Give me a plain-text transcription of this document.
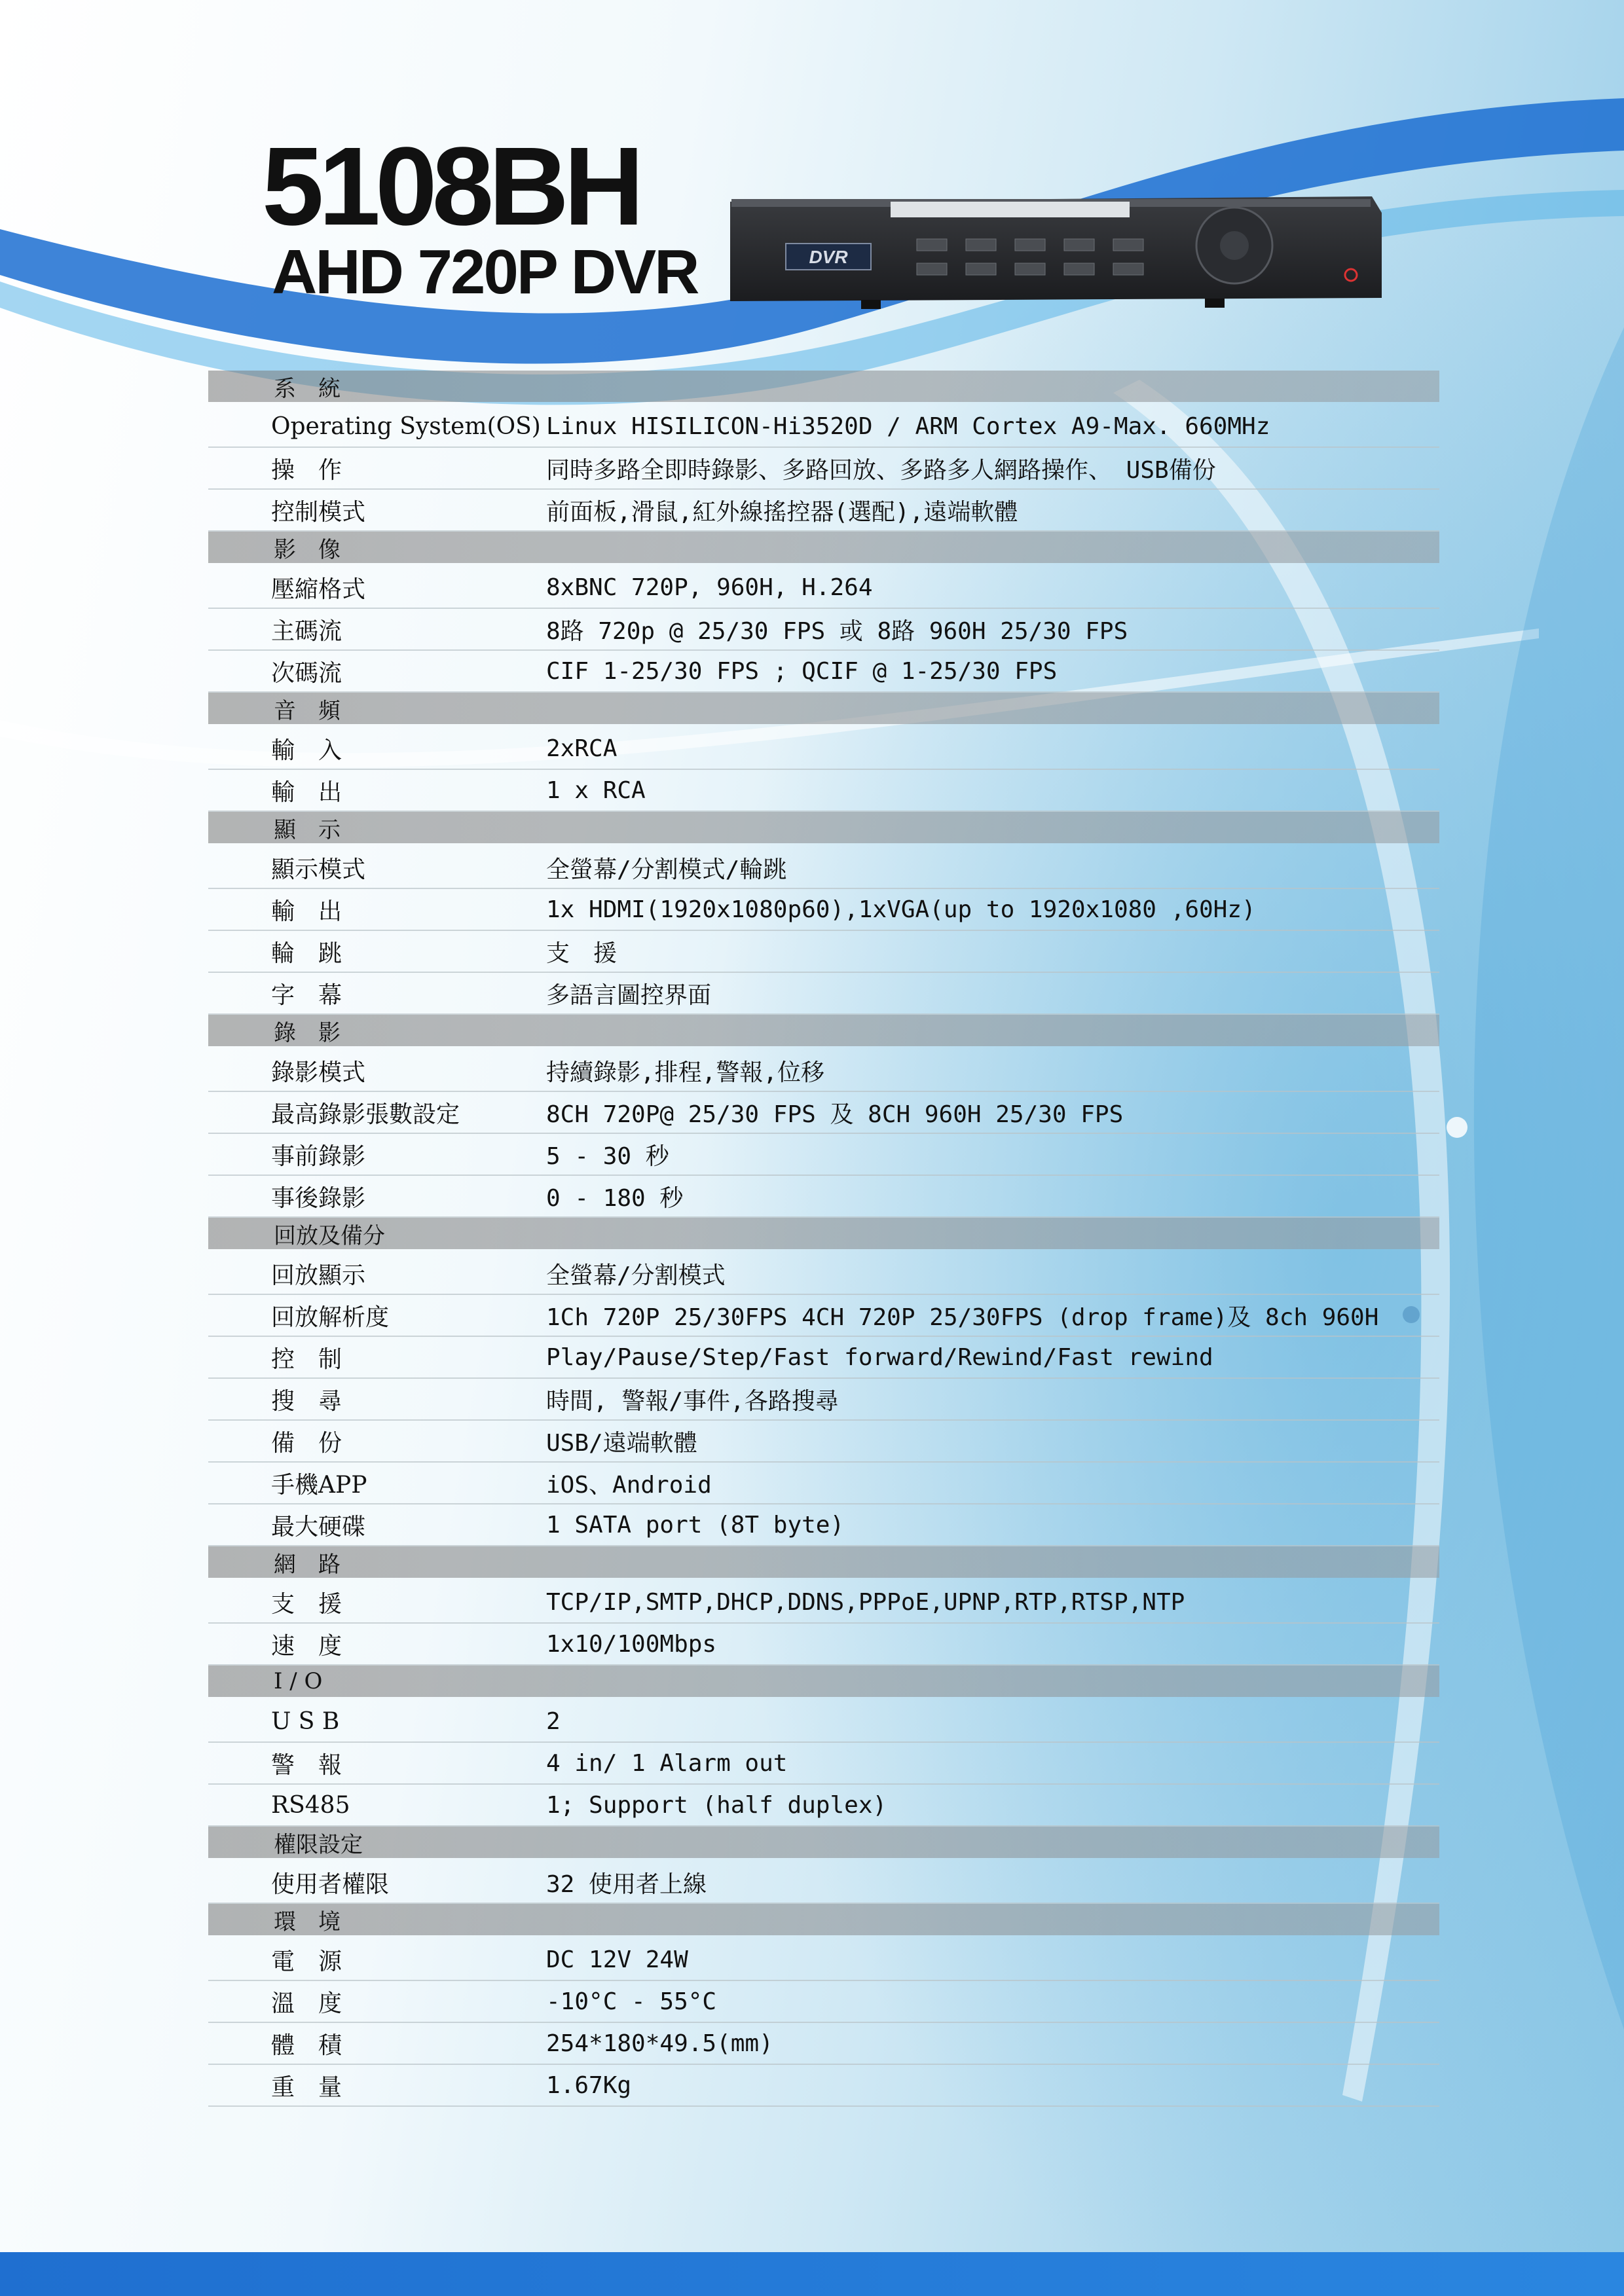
5108BH
AHD 720P DVR	DVR
系　統
Operating System(OS) Linux HISILICON-Hi3520D / ARM Cortex A9-Max. 660MHz
操　作	同時多路全即時錄影、多路回放、多路多人網路操作、 USB備份
控制模式	前面板,滑鼠,紅外線搖控器(選配),遠端軟體
影　像
壓縮格式	8xBNC 720P, 960H, H.264
主碼流	8路 720p @ 25/30 FPS 或 8路 960H 25/30 FPS
次碼流	CIF 1-25/30 FPS ; QCIF @ 1-25/30 FPS
音　頻
輸　入	2xRCA
輸　出	1 x RCA
顯　示
顯示模式	全螢幕/分割模式/輪跳
輸　出	1x HDMI(1920x1080p60),1xVGA(up to 1920x1080 ,60Hz)
輪　跳	支　援
字　幕	多語言圖控界面
錄　影
錄影模式	持續錄影,排程,警報,位移
最高錄影張數設定	8CH 720P@ 25/30 FPS 及 8CH 960H 25/30 FPS
事前錄影	5 - 30 秒
事後錄影	0 - 180 秒
回放及備分
回放顯示	全螢幕/分割模式
回放解析度	1Ch 720P 25/30FPS 4CH 720P 25/30FPS (drop frame)及 8ch 960H
控　制	Play/Pause/Step/Fast forward/Rewind/Fast rewind
搜　尋	時間, 警報/事件,各路搜尋
備　份	USB/遠端軟體
手機APP	iOS、Android
最大硬碟	1 SATA port (8T byte)
網　路
支　援	TCP/IP,SMTP,DHCP,DDNS,PPPoE,UPNP,RTP,RTSP,NTP
速　度	1x10/100Mbps
I / O
U S B	2
警　報	4 in/ 1 Alarm out
RS485	1; Support (half duplex)
權限設定
使用者權限	32 使用者上線
環　境
電　源	DC 12V 24W
溫　度	-10°C - 55°C
體　積	254*180*49.5(mm)
重　量	1.67Kg
